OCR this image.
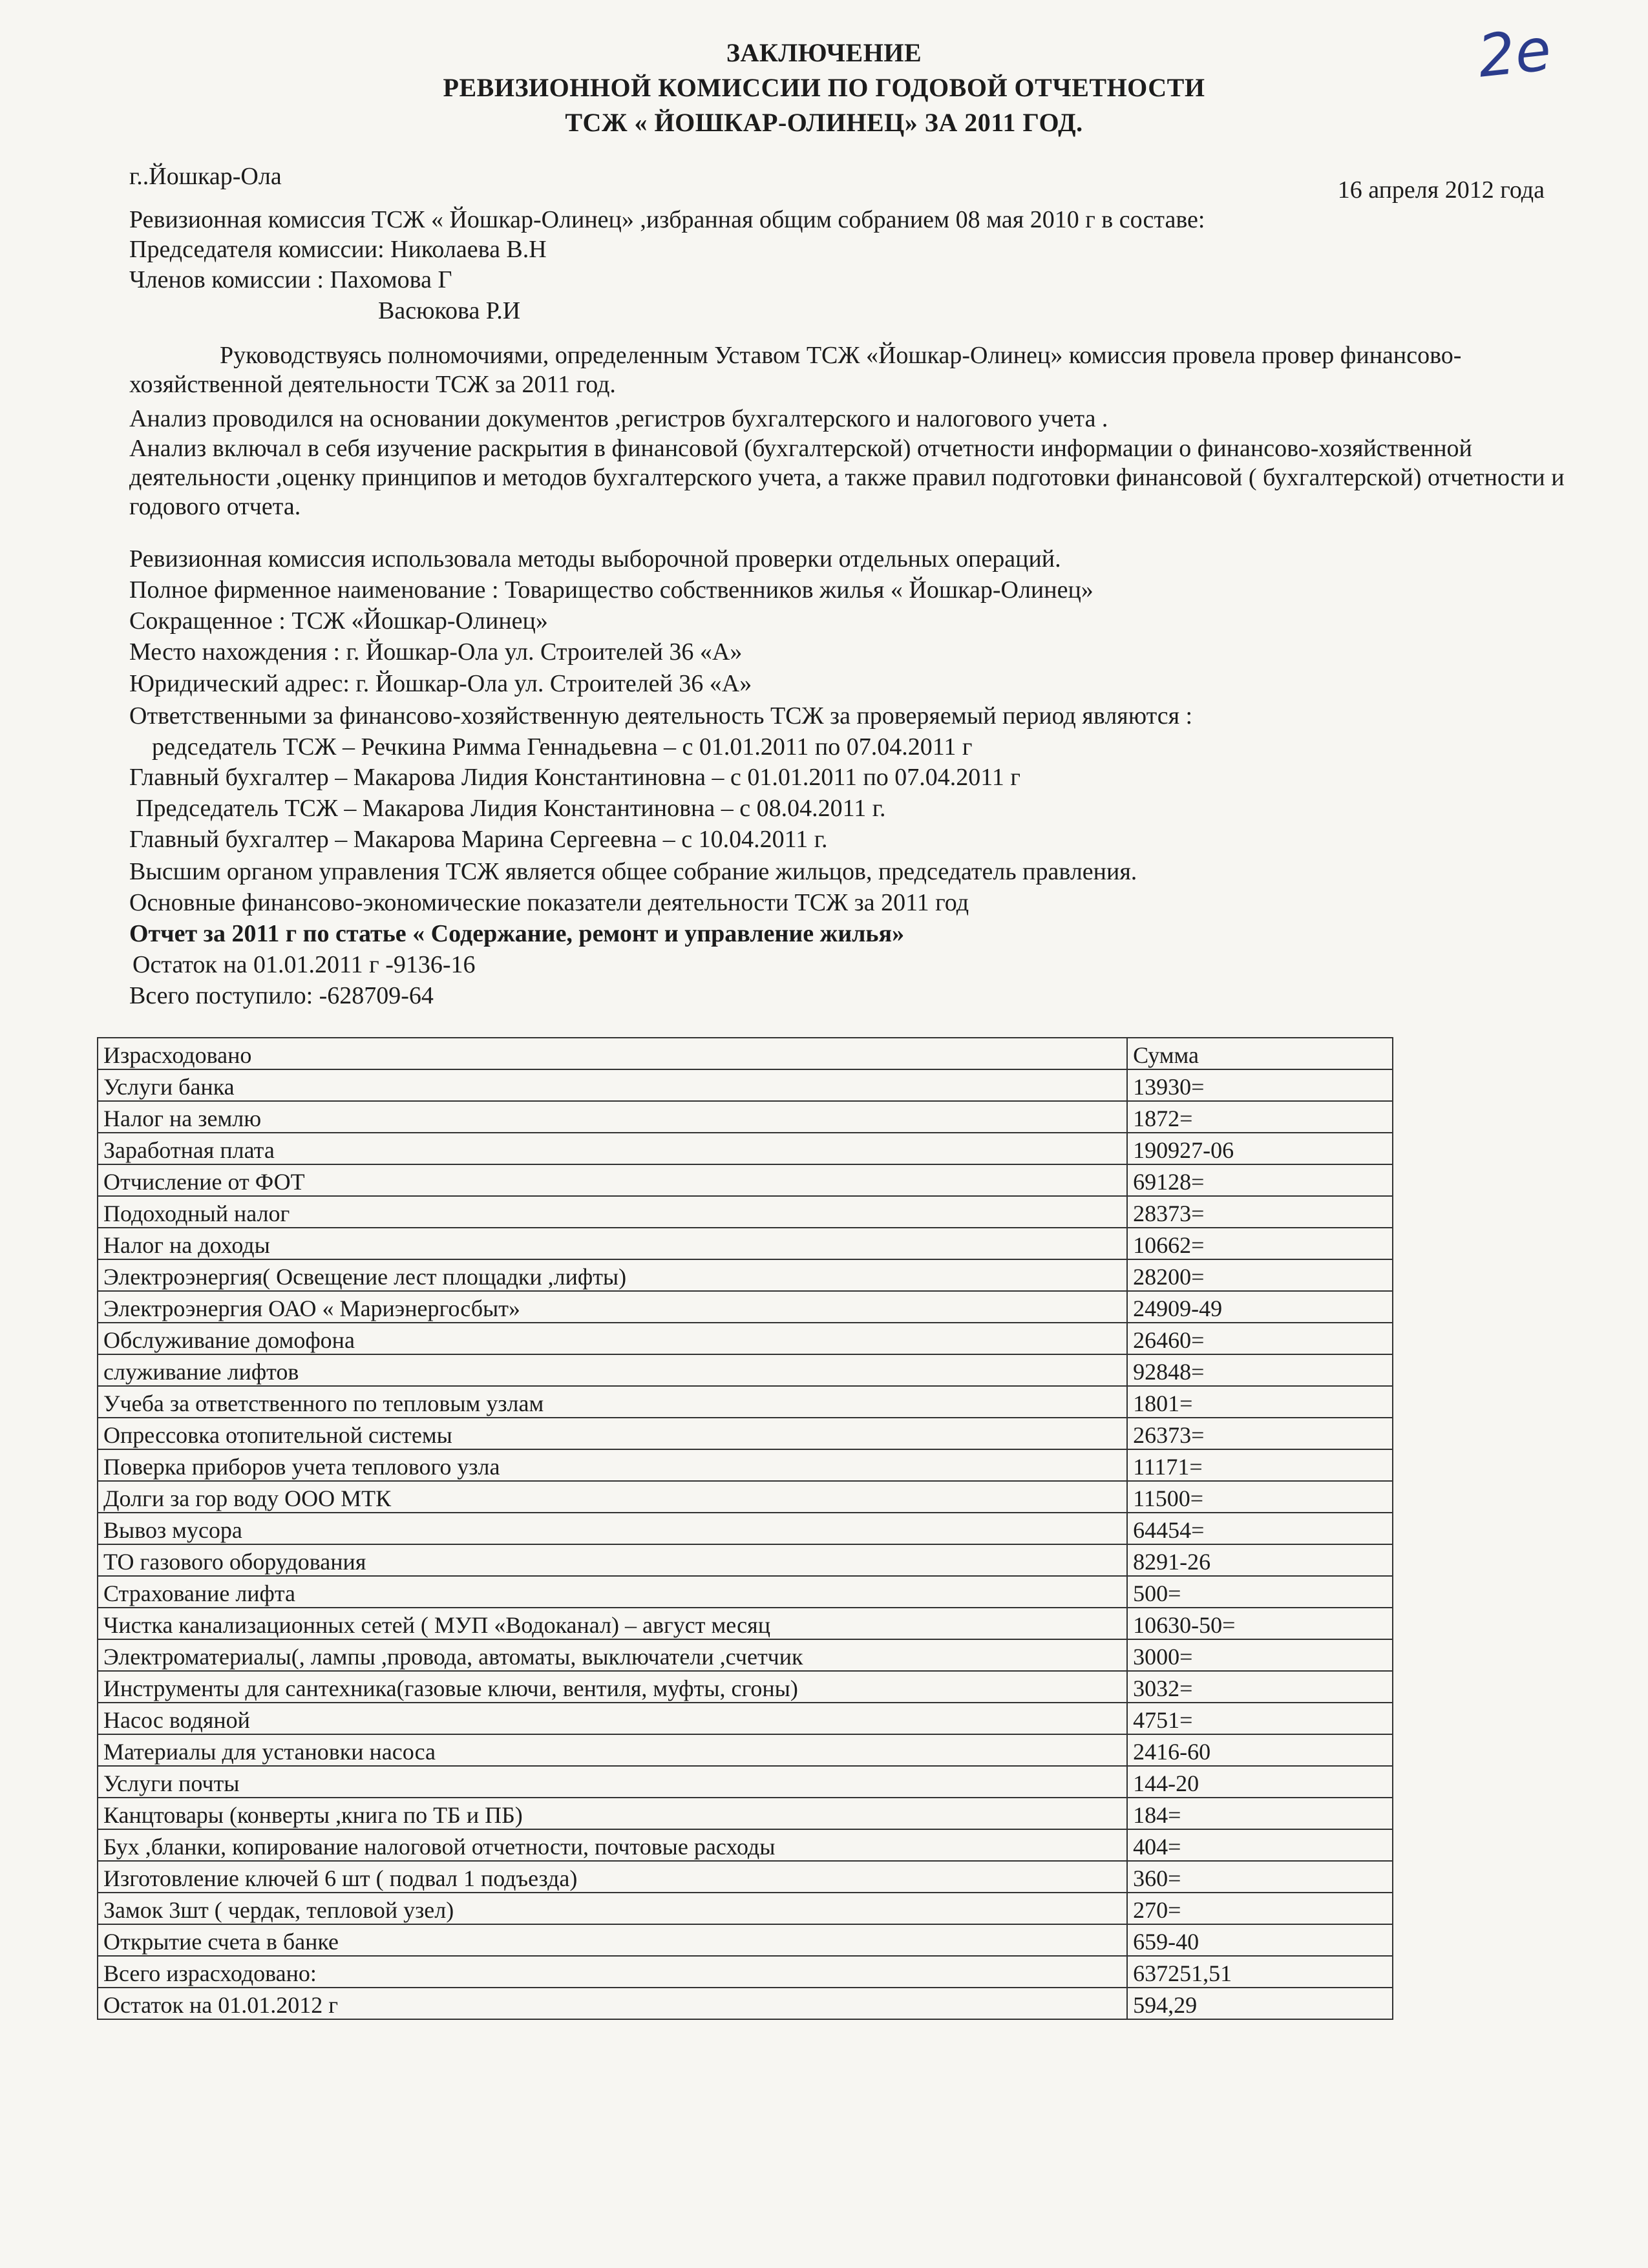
2е
ЗАКЛЮЧЕНИЕ
РЕВИЗИОННОЙ КОМИССИИ ПО ГОДОВОЙ ОТЧЕТНОСТИ
ТСЖ « ЙОШКАР-ОЛИНЕЦ» ЗА 2011 ГОД.
г..Йошкар-Ола	16 апреля 2012 года
Ревизионная комиссия ТСЖ « Йошкар-Олинец» ,избранная общим собранием 08 мая 2010 г в составе:
Председателя комиссии: Николаева В.Н
Членов комиссии : Пахомова Г
Васюкова Р.И
Руководствуясь полномочиями, определенным Уставом ТСЖ «Йошкар-Олинец» комиссия провела провер финансово-хозяйственной деятельности ТСЖ за 2011 год.
Анализ проводился на основании документов ,регистров бухгалтерского и налогового учета .
Анализ включал в себя изучение раскрытия в финансовой (бухгалтерской) отчетности информации о финансово-хозяйственной деятельности ,оценку принципов и методов бухгалтерского учета, а также правил подготовки финансовой ( бухгалтерской) отчетности и годового отчета.
Ревизионная комиссия использовала методы выборочной проверки отдельных операций.
Полное фирменное наименование : Товарищество собственников жилья « Йошкар-Олинец»
Сокращенное : ТСЖ «Йошкар-Олинец»
Место нахождения : г. Йошкар-Ола ул. Строителей 36 «А»
Юридический адрес: г. Йошкар-Ола ул. Строителей 36 «А»
Ответственными за финансово-хозяйственную деятельность ТСЖ за проверяемый период являются :
редседатель ТСЖ – Речкина Римма Геннадьевна – с 01.01.2011 по 07.04.2011 г
Главный бухгалтер – Макарова Лидия Константиновна – с 01.01.2011 по 07.04.2011 г
Председатель ТСЖ – Макарова Лидия Константиновна – с 08.04.2011 г.
Главный бухгалтер – Макарова Марина Сергеевна – с 10.04.2011 г.
Высшим органом управления ТСЖ является общее собрание жильцов, председатель правления.
Основные финансово-экономические показатели деятельности ТСЖ за 2011 год
Отчет за 2011 г по статье « Содержание, ремонт и управление жилья»
Остаток на 01.01.2011 г -9136-16
Всего поступило: -628709-64
Израсходовано	Сумма
Услуги банка	13930=
Налог на землю	1872=
Заработная плата	190927-06
Отчисление от ФОТ	69128=
Подоходный налог	28373=
Налог на доходы	10662=
Электроэнергия( Освещение лест площадки ,лифты)	28200=
Электроэнергия ОАО « Мариэнергосбыт»	24909-49
Обслуживание домофона	26460=
служивание лифтов	92848=
Учеба за ответственного по тепловым узлам	1801=
Опрессовка отопительной системы	26373=
Поверка приборов учета теплового узла	11171=
Долги за гор воду ООО МТК	11500=
Вывоз мусора	64454=
ТО газового оборудования	8291-26
Страхование лифта	500=
Чистка канализационных сетей ( МУП «Водоканал) – август месяц	10630-50=
Электроматериалы(, лампы ,провода, автоматы, выключатели ,счетчик	3000=
Инструменты для сантехника(газовые ключи, вентиля, муфты, сгоны)	3032=
Насос водяной	4751=
Материалы для установки насоса	2416-60
Услуги почты	144-20
Канцтовары (конверты ,книга по ТБ и ПБ)	184=
Бух ,бланки, копирование налоговой отчетности, почтовые расходы	404=
Изготовление ключей 6 шт ( подвал 1 подъезда)	360=
Замок 3шт ( чердак, тепловой узел)	270=
Открытие счета в банке	659-40
Всего израсходовано:	637251,51
Остаток на 01.01.2012 г	594,29
